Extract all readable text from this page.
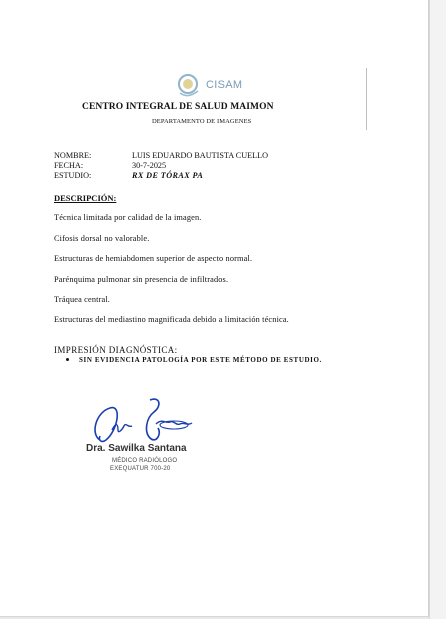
CISAM
CENTRO INTEGRAL DE SALUD MAIMON
DEPARTAMENTO DE IMAGENES
NOMBRE:	LUIS EDUARDO BAUTISTA CUELLO
FECHA:	30-7-2025
ESTUDIO:	RX DE TÓRAX PA
DESCRIPCIÓN:
Técnica limitada por calidad de la imagen.
Cifosis dorsal no valorable.
Estructuras de hemiabdomen superior de aspecto normal.
Parénquima pulmonar sin presencia de infiltrados.
Tráquea central.
Estructuras del mediastino magnificada debido a limitación técnica.
IMPRESIÓN DIAGNÓSTICA:
SIN EVIDENCIA PATOLOGÍA POR ESTE MÉTODO DE ESTUDIO.
Dra. Sawilka Santana
MÉDICO RADIÓLOGO
EXEQUATUR 700-20
